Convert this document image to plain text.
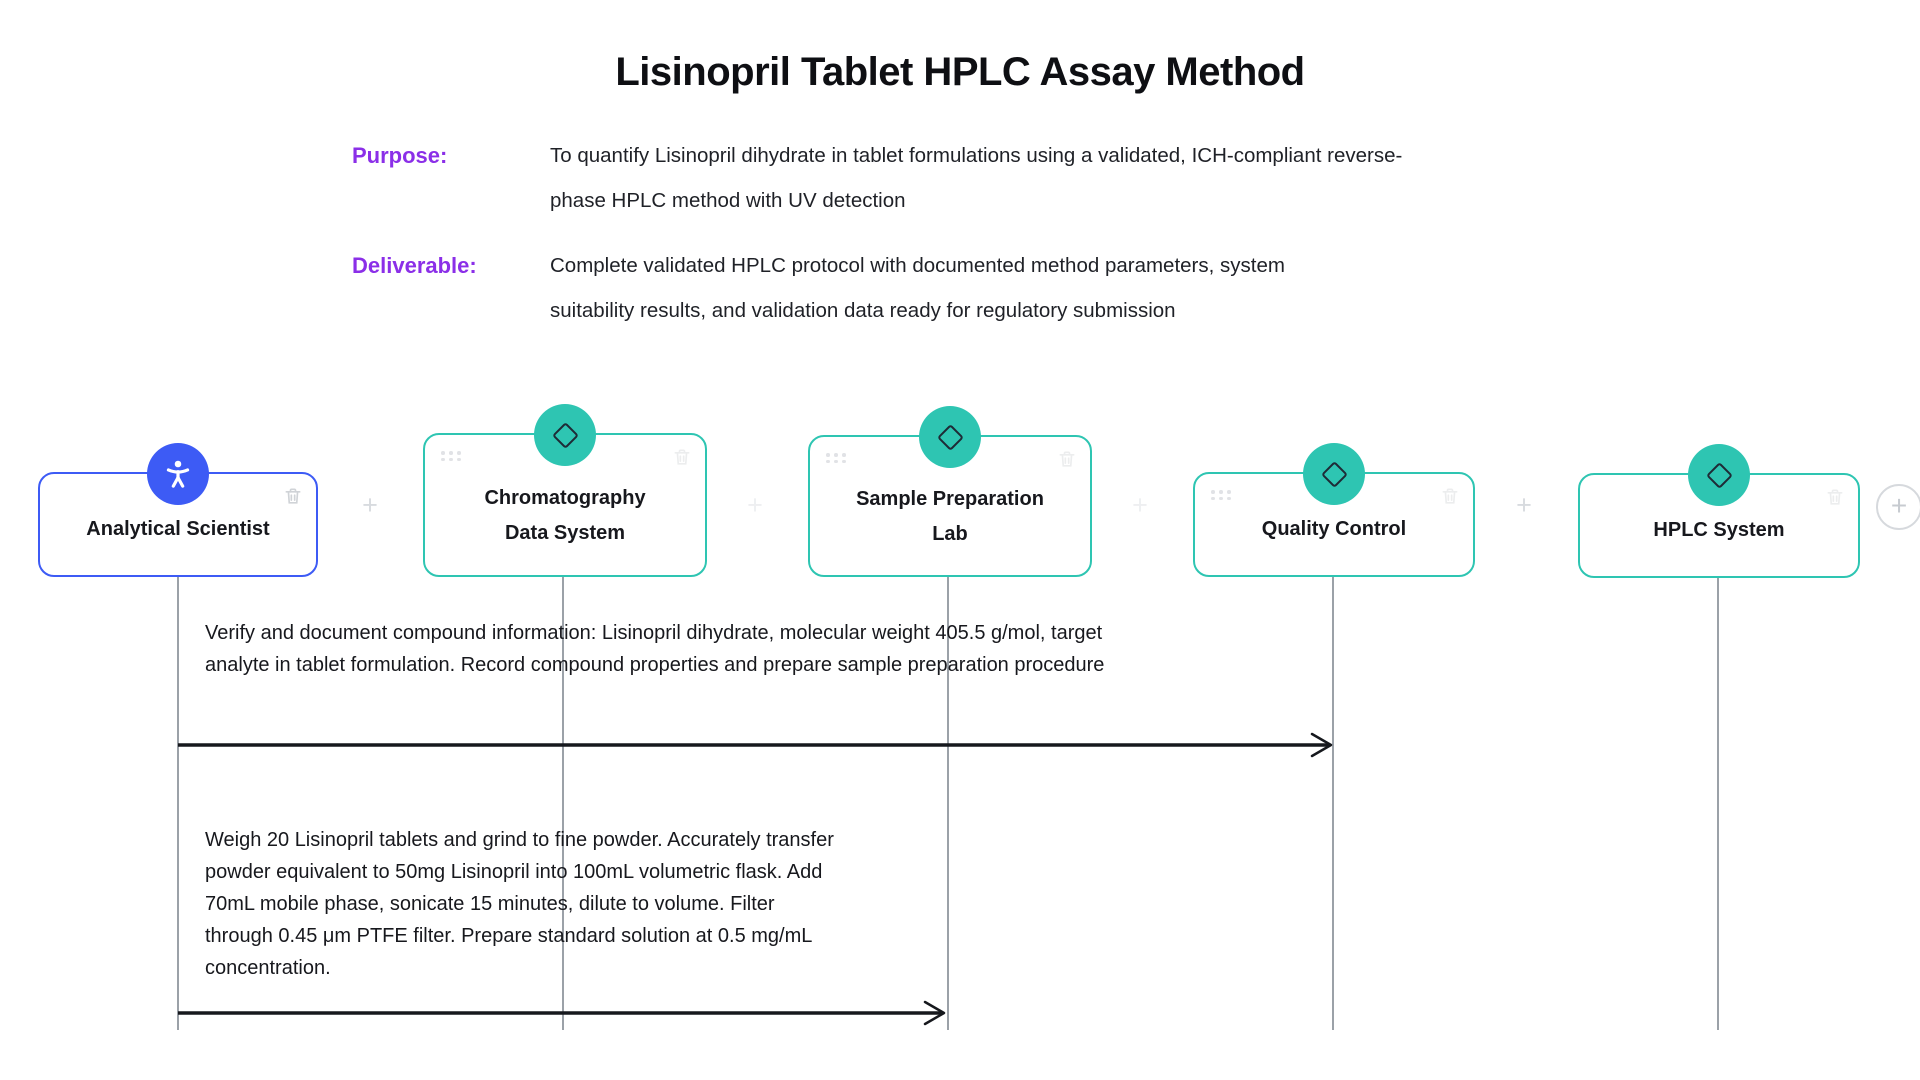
Lisinopril Tablet HPLC Assay Method
Purpose:	To quantify Lisinopril dihydrate in tablet formulations using a validated, ICH-compliant reverse-phase HPLC method with UV detection
Deliverable:	Complete validated HPLC protocol with documented method parameters, system suitability results, and validation data ready for regulatory submission
Analytical Scientist
Chromatography Data System
Sample Preparation Lab	Quality Control	HPLC System
+
+
+
+
+
Verify and document compound information: Lisinopril dihydrate, molecular weight 405.5 g/mol, target analyte in tablet formulation. Record compound properties and prepare sample preparation procedure
Weigh 20 Lisinopril tablets and grind to fine powder. Accurately transfer powder equivalent to 50mg Lisinopril into 100mL volumetric flask. Add 70mL mobile phase, sonicate 15 minutes, dilute to volume. Filter through 0.45 μm PTFE filter. Prepare standard solution at 0.5 mg/mL concentration.
